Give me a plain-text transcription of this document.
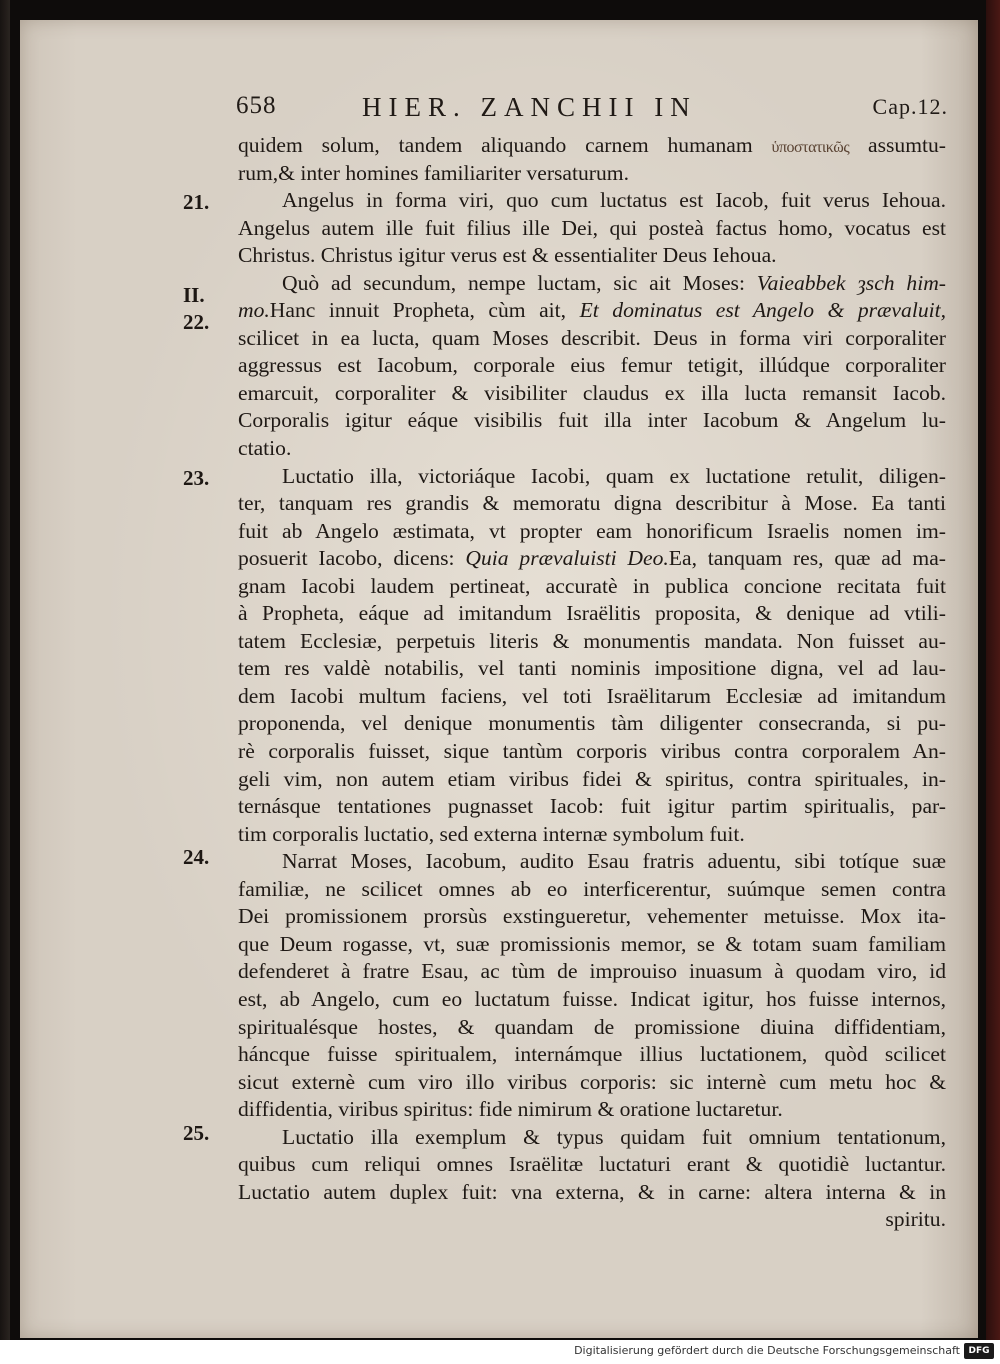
658	HIER. ZANCHII IN	Cap.12.
21.
II.
22.
23.
24.
25.
quidem solum, tandem aliquando carnem humanam ὑποστατικῶς assumtu-
rum,& inter homines familiariter versaturum.
Angelus in forma viri, quo cum luctatus est Iacob, fuit verus Iehoua.
Angelus autem ille fuit filius ille Dei, qui posteà factus homo, vocatus est
Christus. Christus igitur verus est & essentialiter Deus Iehoua.
Quò ad secundum, nempe luctam, sic ait Moses: Vaieabbek ȝsch him-
mo.Hanc innuit Propheta, cùm ait, Et dominatus est Angelo & prævaluit,
scilicet in ea lucta, quam Moses describit. Deus in forma viri corporaliter
aggressus est Iacobum, corporale eius femur tetigit, illúdque corporaliter
emarcuit, corporaliter & visibiliter claudus ex illa lucta remansit Iacob.
Corporalis igitur eáque visibilis fuit illa inter Iacobum & Angelum lu-
ctatio.
Luctatio illa, victoriáque Iacobi, quam ex luctatione retulit, diligen-
ter, tanquam res grandis & memoratu digna describitur à Mose. Ea tanti
fuit ab Angelo æstimata, vt propter eam honorificum Israelis nomen im-
posuerit Iacobo, dicens: Quia prævaluisti Deo.Ea, tanquam res, quæ ad ma-
gnam Iacobi laudem pertineat, accuratè in publica concione recitata fuit
à Propheta, eáque ad imitandum Israëlitis proposita, & denique ad vtili-
tatem Ecclesiæ, perpetuis literis & monumentis mandata. Non fuisset au-
tem res valdè notabilis, vel tanti nominis impositione digna, vel ad lau-
dem Iacobi multum faciens, vel toti Israëlitarum Ecclesiæ ad imitandum
proponenda, vel denique monumentis tàm diligenter consecranda, si pu-
rè corporalis fuisset, sique tantùm corporis viribus contra corporalem An-
geli vim, non autem etiam viribus fidei & spiritus, contra spirituales, in-
ternásque tentationes pugnasset Iacob: fuit igitur partim spiritualis, par-
tim corporalis luctatio, sed externa internæ symbolum fuit.
Narrat Moses, Iacobum, audito Esau fratris aduentu, sibi totíque suæ
familiæ, ne scilicet omnes ab eo interficerentur, suúmque semen contra
Dei promissionem prorsùs exstingueretur, vehementer metuisse. Mox ita-
que Deum rogasse, vt, suæ promissionis memor, se & totam suam familiam
defenderet à fratre Esau, ac tùm de improuiso inuasum à quodam viro, id
est, ab Angelo, cum eo luctatum fuisse. Indicat igitur, hos fuisse internos,
spiritualésque hostes, & quandam de promissione diuina diffidentiam,
háncque fuisse spiritualem, internámque illius luctationem, quòd scilicet
sicut externè cum viro illo viribus corporis: sic internè cum metu hoc &
diffidentia, viribus spiritus: fide nimirum & oratione luctaretur.
Luctatio illa exemplum & typus quidam fuit omnium tentationum,
quibus cum reliqui omnes Israëlitæ luctaturi erant & quotidiè luctantur.
Luctatio autem duplex fuit: vna externa, & in carne: altera interna & in
spiritu.
Digitalisierung gefördert durch die Deutsche Forschungsgemeinschaft DFG
